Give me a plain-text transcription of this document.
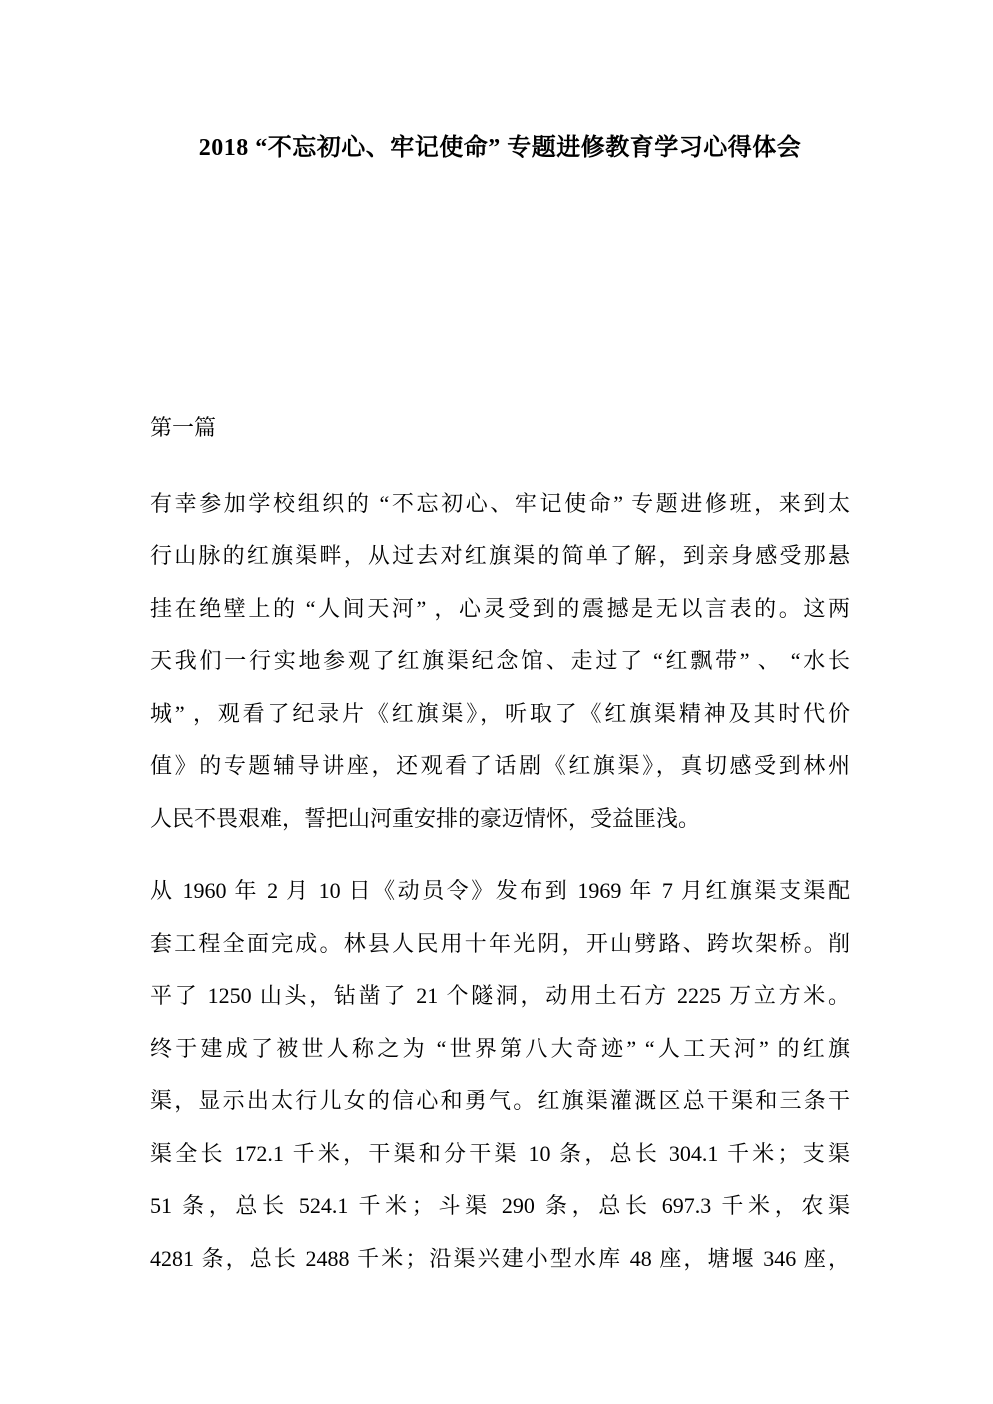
2018 “不忘初心、牢记使命” 专题进修教育学习心得体会
第一篇
有幸参加学校组织的 “不忘初心、牢记使命” 专题进修班，来到太
行山脉的红旗渠畔，从过去对红旗渠的简单了解，到亲身感受那悬
挂在绝壁上的 “人间天河” ，心灵受到的震撼是无以言表的。这两
天我们一行实地参观了红旗渠纪念馆、走过了 “红飘带” 、 “水长
城” ，观看了纪录片《红旗渠》，听取了《红旗渠精神及其时代价
值》的专题辅导讲座，还观看了话剧《红旗渠》，真切感受到林州
人民不畏艰难，誓把山河重安排的豪迈情怀，受益匪浅。
从 1960 年 2 月 10 日《动员令》发布到 1969 年 7 月红旗渠支渠配
套工程全面完成。林县人民用十年光阴，开山劈路、跨坎架桥。削
平了 1250 山头，钻凿了 21 个隧洞，动用土石方 2225 万立方米。
终于建成了被世人称之为 “世界第八大奇迹” “人工天河” 的红旗
渠，显示出太行儿女的信心和勇气。红旗渠灌溉区总干渠和三条干
渠全长 172.1 千米，干渠和分干渠 10 条，总长 304.1 千米；支渠
51 条，总长 524.1 千米；斗渠 290 条，总长 697.3 千米，农渠
4281 条，总长 2488 千米；沿渠兴建小型水库 48 座，塘堰 346 座，
